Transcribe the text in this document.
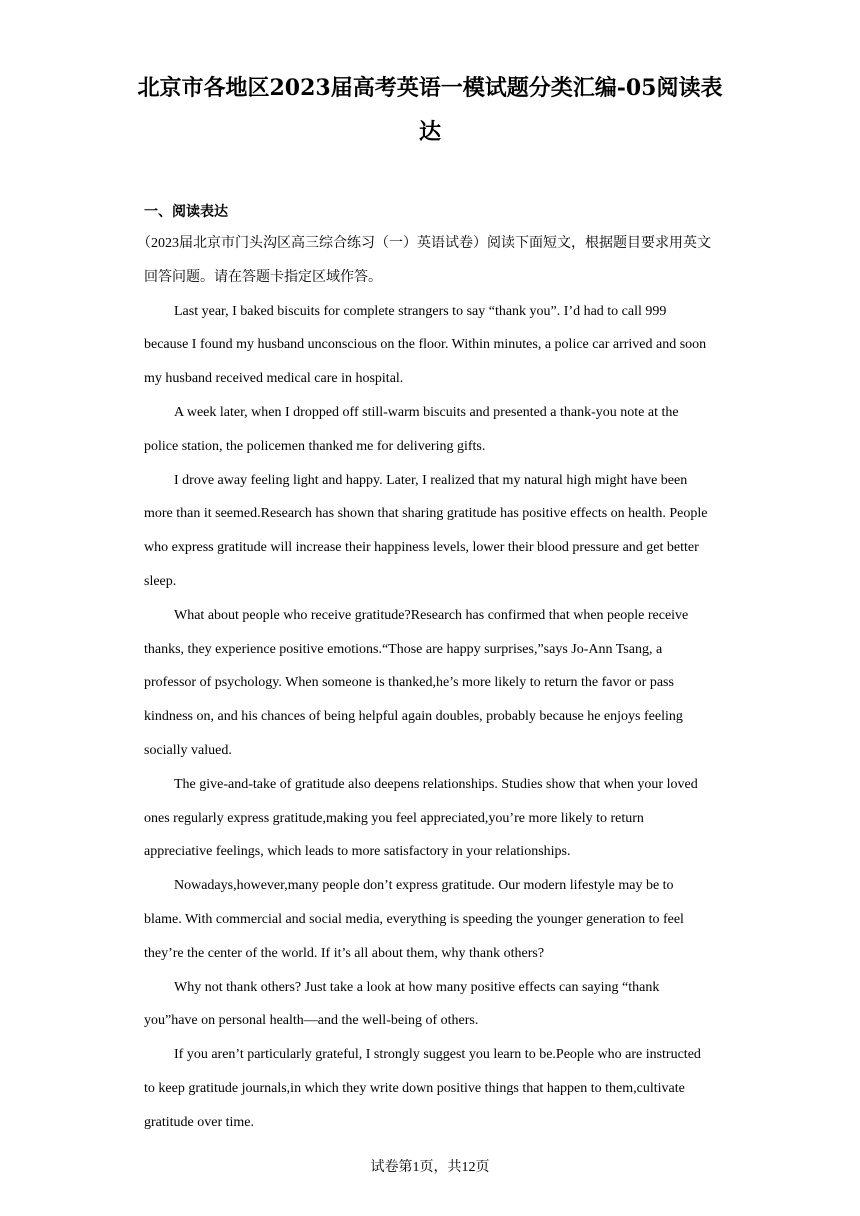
北京市各地区2023届高考英语一模试题分类汇编-05阅读表达
一、阅读表达

（2023届北京市门头沟区高三综合练习（一）英语试卷）阅读下面短文，根据题目要求用英文回答问题。请在答题卡指定区域作答。

Last year, I baked biscuits for complete strangers to say “thank you”. I’d had to call 999 because I found my husband unconscious on the floor. Within minutes, a police car arrived and soon my husband received medical care in hospital.

A week later, when I dropped off still-warm biscuits and presented a thank-you note at the police station, the policemen thanked me for delivering gifts.

I drove away feeling light and happy. Later, I realized that my natural high might have been more than it seemed.Research has shown that sharing gratitude has positive effects on health. People who express gratitude will increase their happiness levels, lower their blood pressure and get better sleep.

What about people who receive gratitude?Research has confirmed that when people receive thanks, they experience positive emotions.“Those are happy surprises,”says Jo-Ann Tsang, a professor of psychology. When someone is thanked,he’s more likely to return the favor or pass kindness on, and his chances of being helpful again doubles, probably because he enjoys feeling socially valued.

The give-and-take of gratitude also deepens relationships. Studies show that when your loved ones regularly express gratitude,making you feel appreciated,you’re more likely to return appreciative feelings, which leads to more satisfactory in your relationships.

Nowadays,however,many people don’t express gratitude. Our modern lifestyle may be to blame. With commercial and social media, everything is speeding the younger generation to feel they’re the center of the world. If it’s all about them, why thank others?

Why not thank others? Just take a look at how many positive effects can saying “thank you”have on personal health—and the well-being of others.

If you aren’t particularly grateful, I strongly suggest you learn to be.People who are instructed to keep gratitude journals,in which they write down positive things that happen to them,cultivate gratitude over time.

试卷第1页，共12页
